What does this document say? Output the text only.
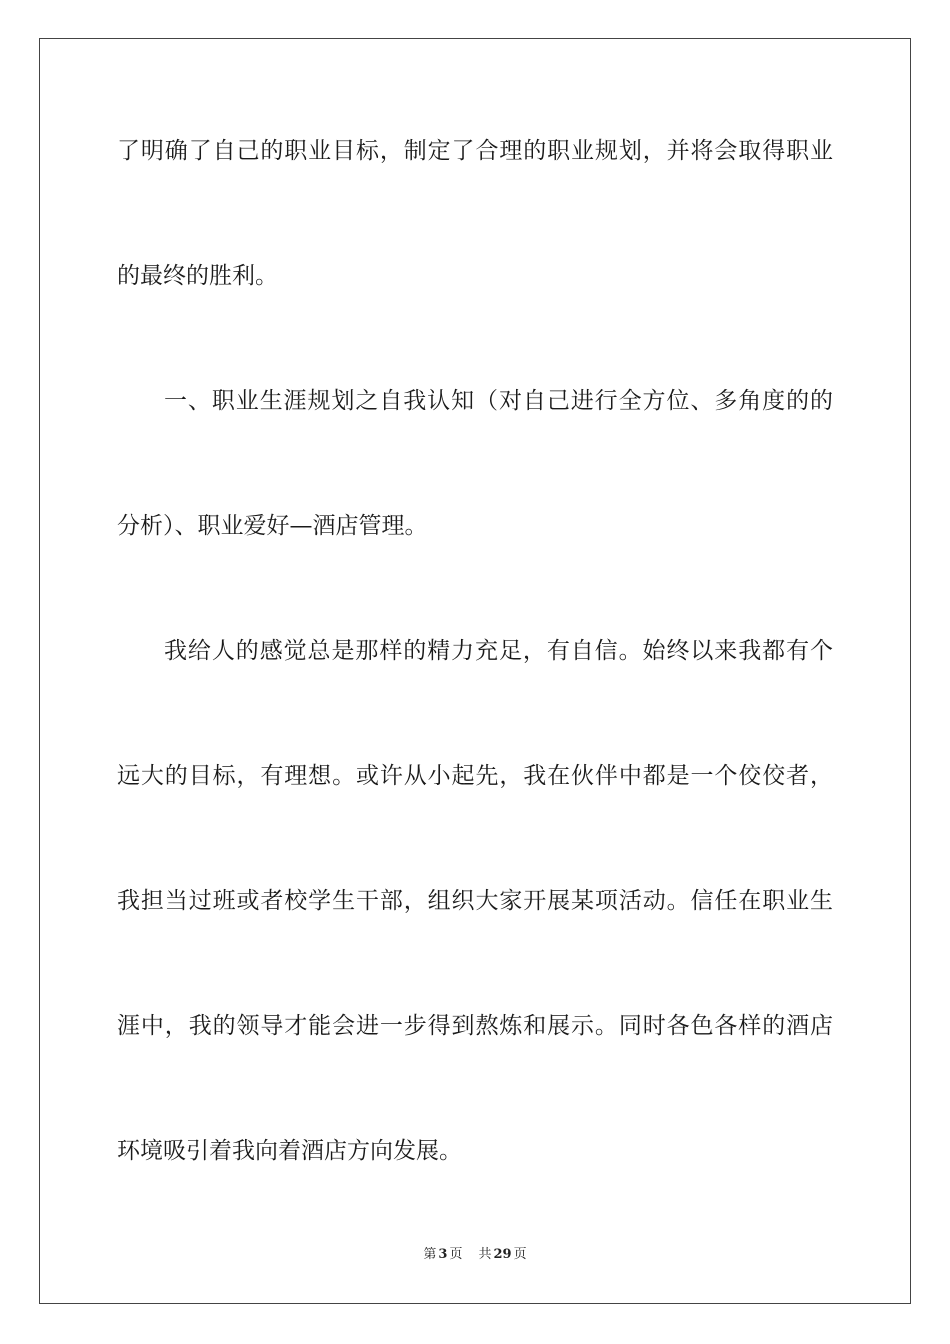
了明确了自己的职业目标，制定了合理的职业规划，并将会取得职业
的最终的胜利。
一、职业生涯规划之自我认知（对自己进行全方位、多角度的的
分析）、职业爱好—酒店管理。
我给人的感觉总是那样的精力充足，有自信。始终以来我都有个
远大的目标，有理想。或许从小起先，我在伙伴中都是一个佼佼者，
我担当过班或者校学生干部，组织大家开展某项活动。信任在职业生
涯中，我的领导才能会进一步得到熬炼和展示。同时各色各样的酒店
环境吸引着我向着酒店方向发展。
第 3 页 共 29 页
